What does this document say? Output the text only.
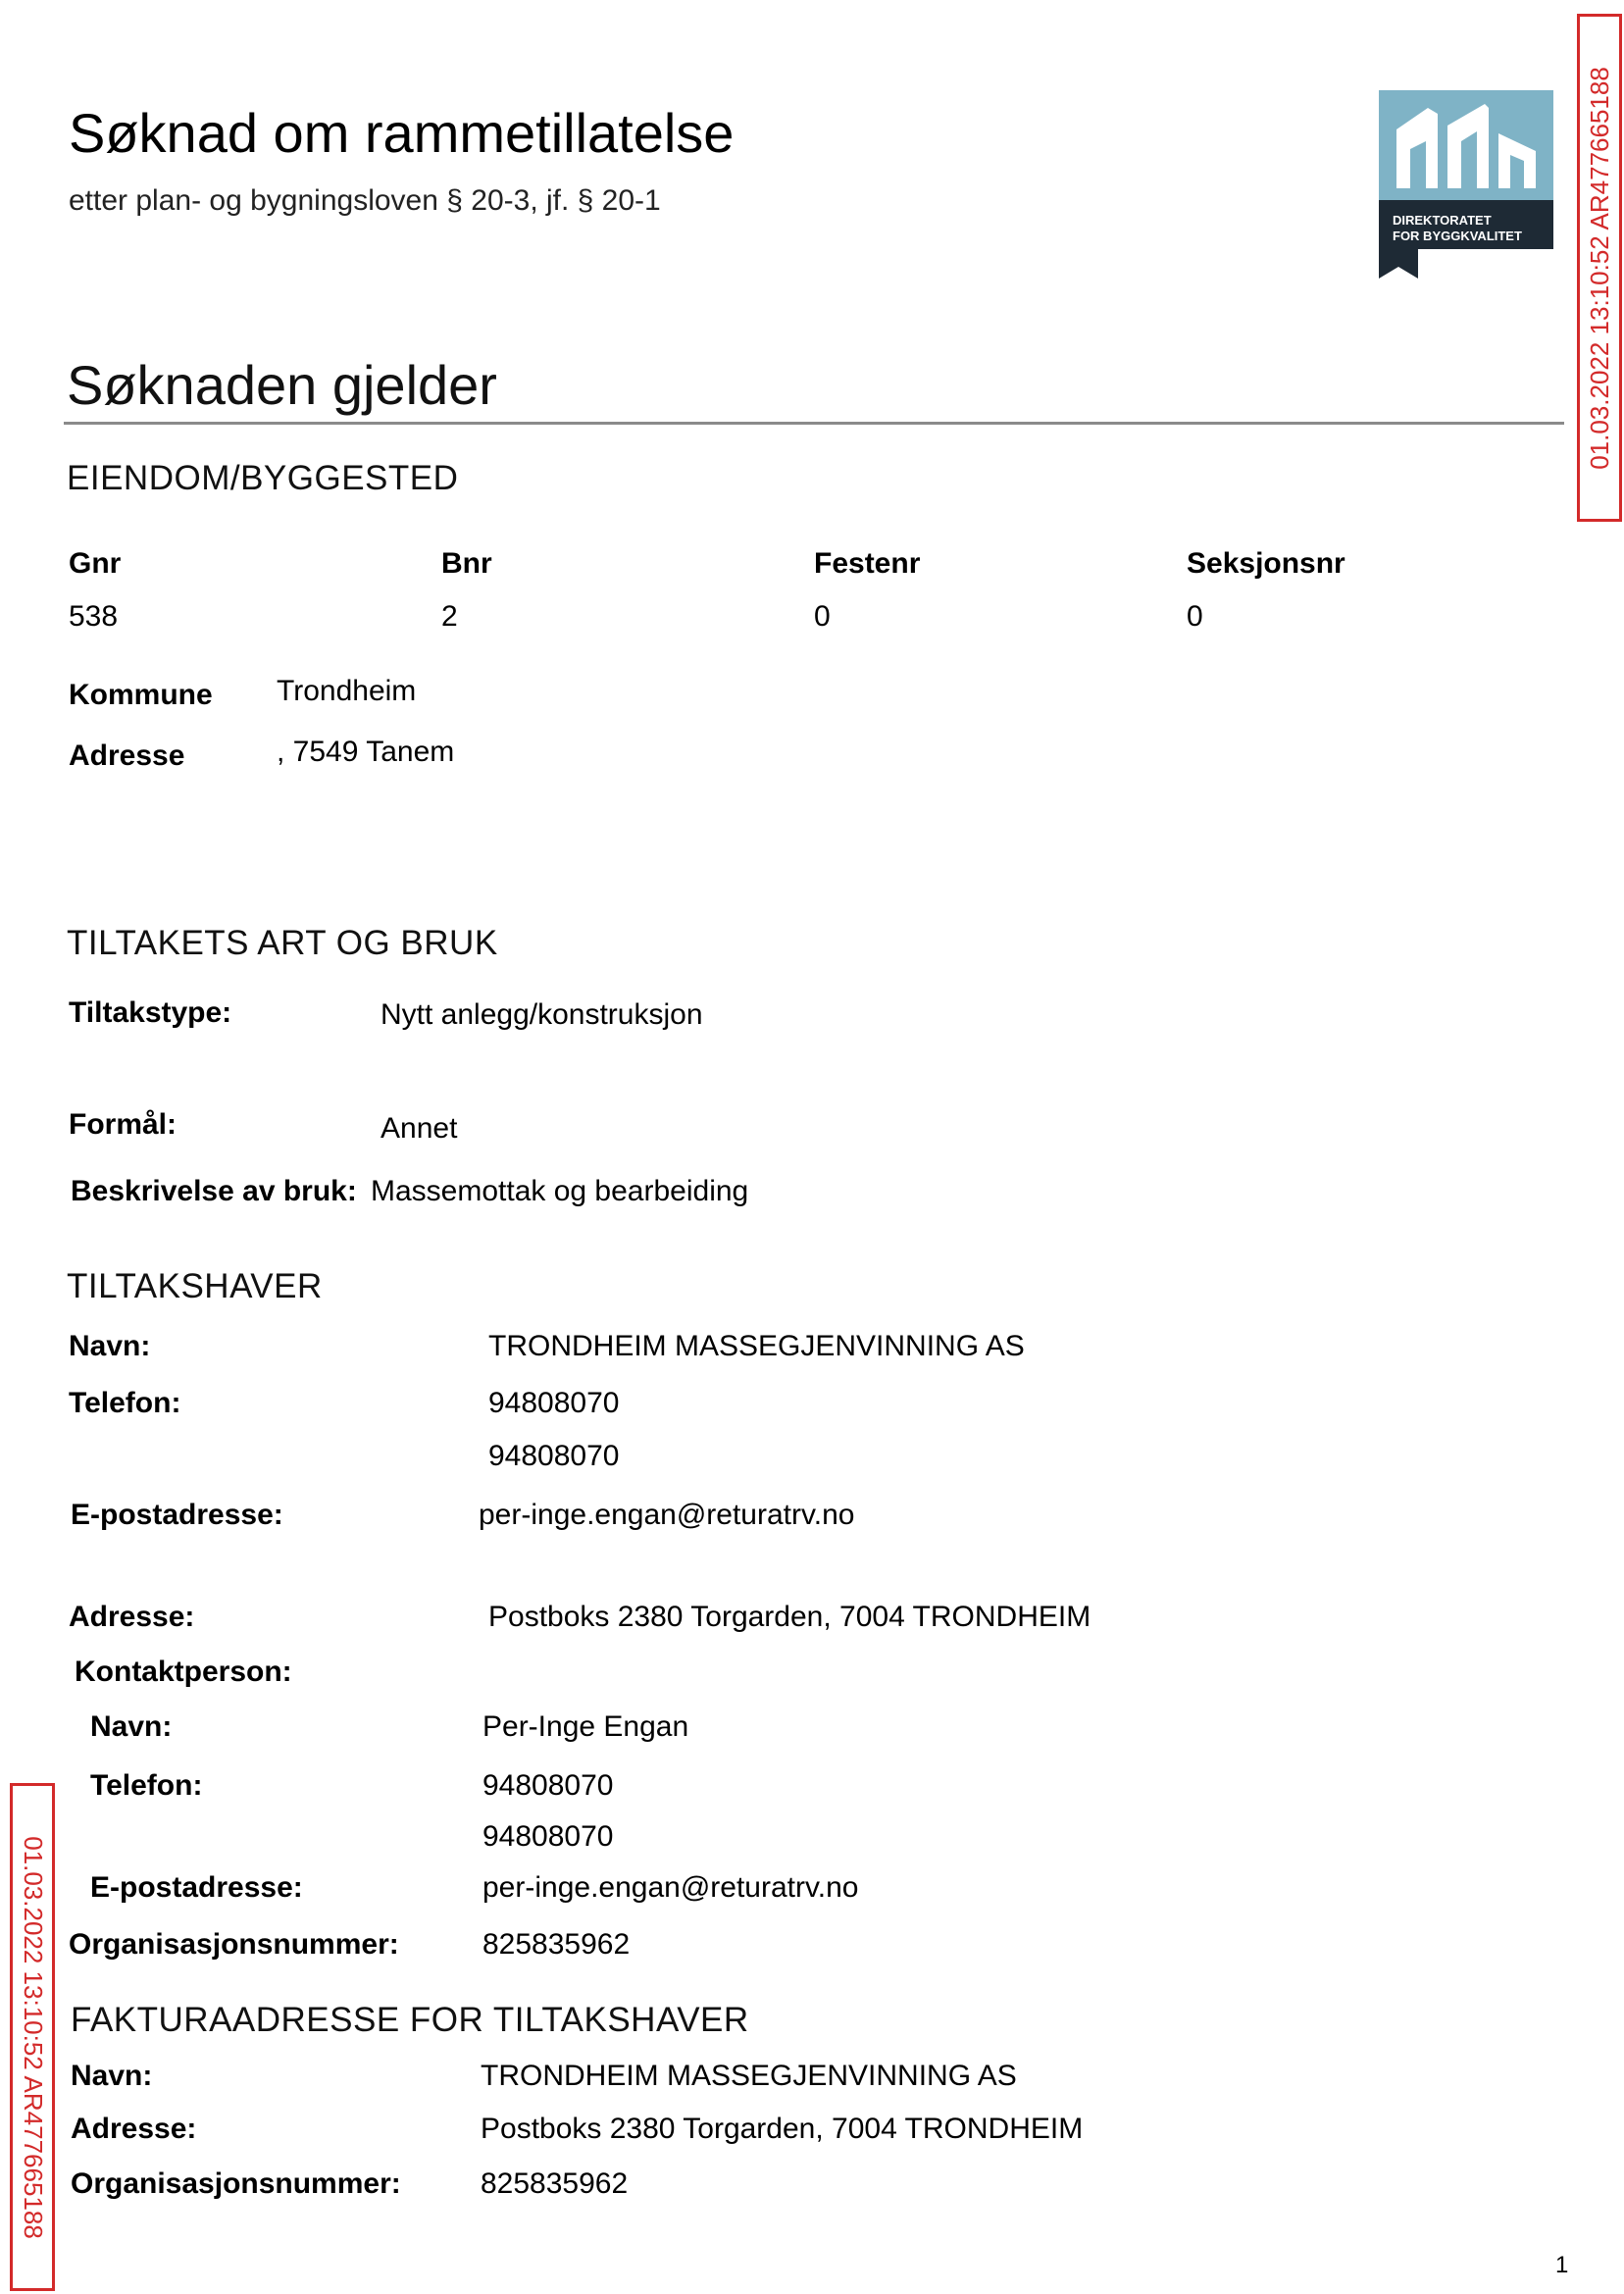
Søknad om rammetillatelse
etter plan- og bygningsloven § 20-3, jf. § 20-1
DIREKTORATET
FOR BYGGKVALITET 01.03.2022 13:10:52 AR477665188
01.03.2022 13:10:52 AR477665188
Søknaden gjelder
EIENDOM/BYGGESTED
Gnr	Bnr	Festenr	Seksjonsnr
538	2	0	0
Kommune Trondheim
Adresse	, 7549 Tanem
TILTAKETS ART OG BRUK
Tiltakstype:	Nytt anlegg/konstruksjon
Formål:	Annet
Beskrivelse av bruk: Massemottak og bearbeiding
TILTAKSHAVER
Navn:	TRONDHEIM MASSEGJENVINNING AS
Telefon:	94808070
94808070
E-postadresse:	per-inge.engan@returatrv.no
Adresse:	Postboks 2380 Torgarden, 7004 TRONDHEIM
Kontaktperson:
Navn:	Per-Inge Engan
Telefon:	94808070
94808070
E-postadresse:	per-inge.engan@returatrv.no
Organisasjonsnummer:	825835962
FAKTURAADRESSE FOR TILTAKSHAVER
Navn:	TRONDHEIM MASSEGJENVINNING AS
Adresse:	Postboks 2380 Torgarden, 7004 TRONDHEIM
Organisasjonsnummer:	825835962
1
